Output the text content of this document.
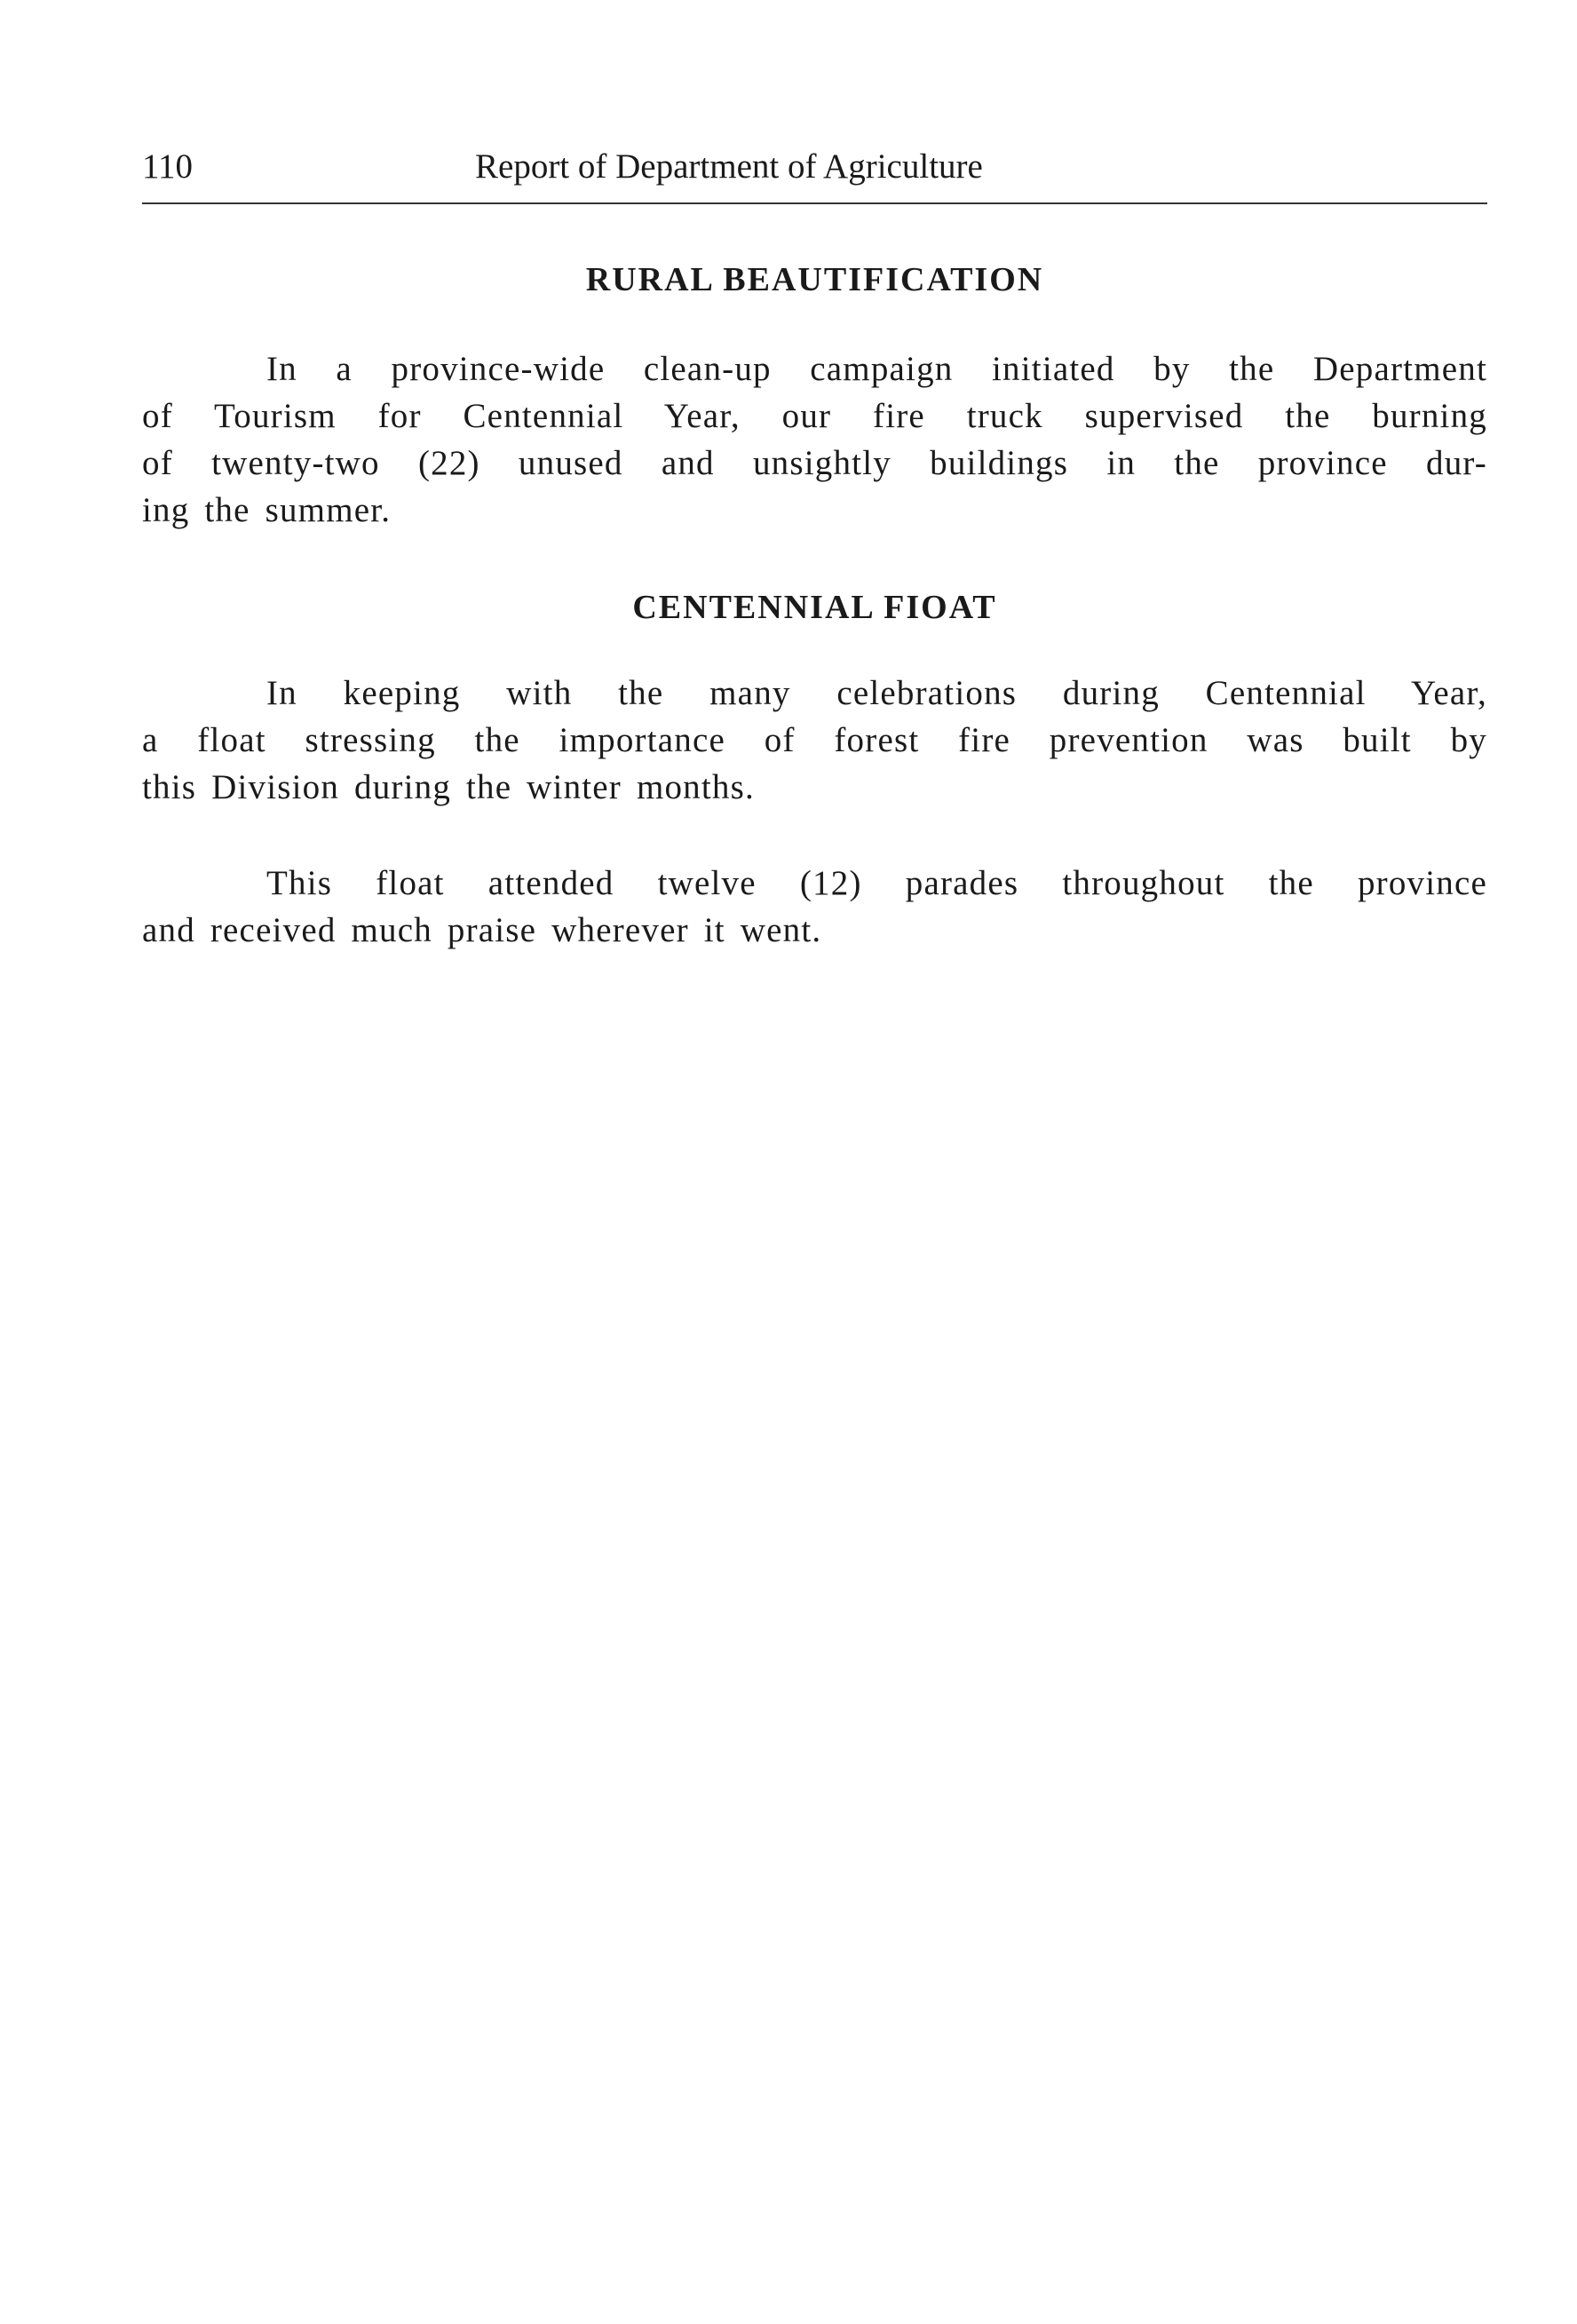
110	Report of Department of Agriculture
RURAL BEAUTIFICATION
In a province-wide clean-up campaign initiated by the Department
of Tourism for Centennial Year, our fire truck supervised the burning
of twenty-two (22) unused and unsightly buildings in the province dur-
ing the summer.
CENTENNIAL FIOAT
In keeping with the many celebrations during Centennial Year,
a float stressing the importance of forest fire prevention was built by
this Division during the winter months.
This float attended twelve (12) parades throughout the province
and received much praise wherever it went.
